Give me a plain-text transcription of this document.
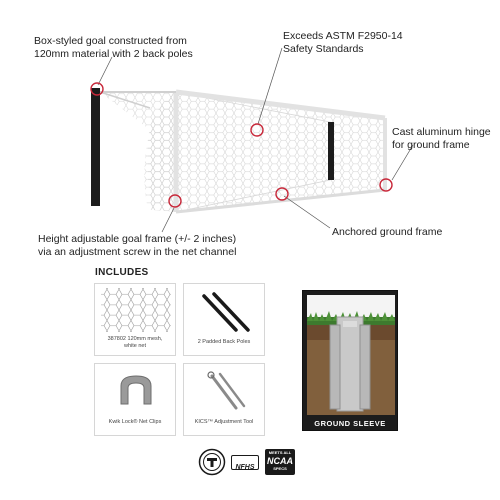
Box-styled goal constructed from
120mm material with 2 back poles
Exceeds ASTM F2950-14
Safety Standards
Cast aluminum hinge
for ground frame
Height adjustable goal frame (+/- 2 inches)
via an adjustment screw in the net channel
Anchored ground frame
INCLUDES
387802 120mm mesh,
white net
2 Padded Back Poles
Kwik Lock® Net Clips	KICS™ Adjustment Tool	GROUND SLEEVE
NFHS
MEETS ALL
NCAA
SPECS
